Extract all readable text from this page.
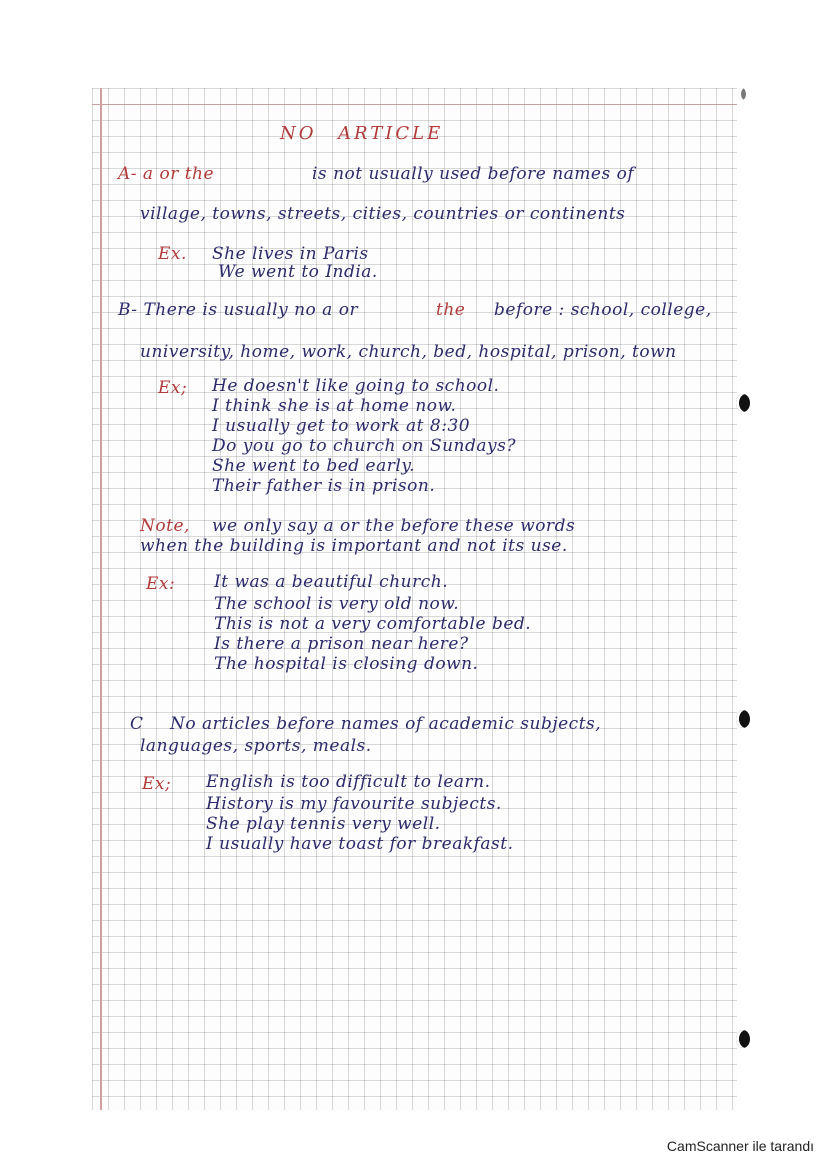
NO ARTICLE
A- a or the	is not usually used before names of
village, towns, streets, cities, countries or continents
Ex. She lives in Paris
We went to India.
B- There is usually no a or	the before : school, college,
university, home, work, church, bed, hospital, prison, town
Ex; He doesn't like going to school.
I think she is at home now.
I usually get to work at 8:30
Do you go to church on Sundays?
She went to bed early.
Their father is in prison.
Note, we only say a or the before these words
when the building is important and not its use.
Ex: It was a beautiful church.
The school is very old now.
This is not a very comfortable bed.
Is there a prison near here?
The hospital is closing down.
C No articles before names of academic subjects,
languages, sports, meals.
Ex; English is too difficult to learn.
History is my favourite subjects.
She play tennis very well.
I usually have toast for breakfast.
CamScanner ile tarandı
